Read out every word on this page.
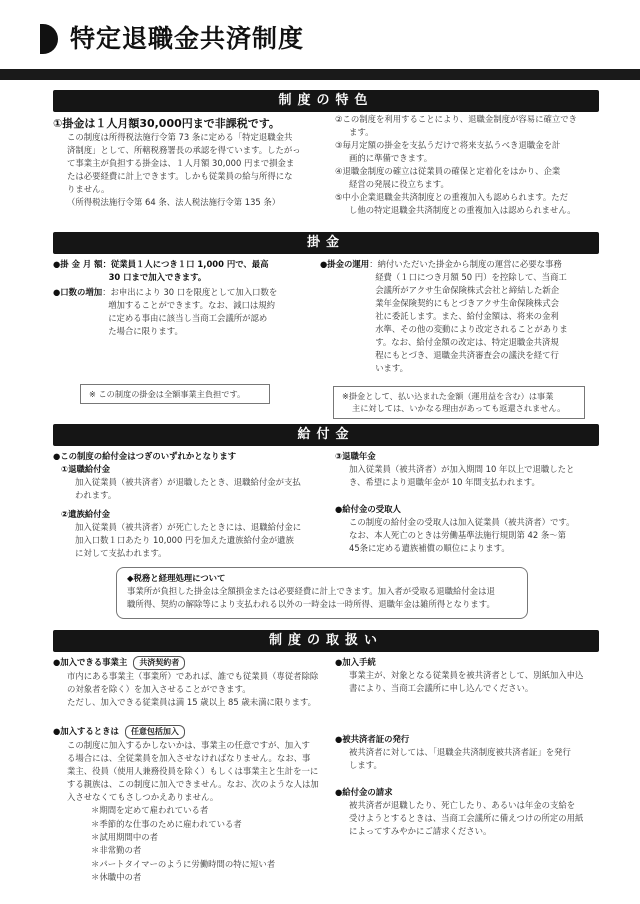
特定退職金共済制度
制度の特色
①掛金は１人月額30,000円まで非課税です。
この制度は所得税法施行令第 73 条に定める「特定退職金共
済制度」として、所轄税務署長の承認を得ています。したがっ
て事業主が負担する掛金は、１人月額 30,000 円まで損金ま
たは必要経費に計上できます。しかも従業員の給与所得にな
りません。
（所得税法施行令第 64 条、法人税法施行令第 135 条）
②この制度を利用することにより、退職金制度が容易に確立でき
ます。
③毎月定額の掛金を支払うだけで将来支払うべき退職金を計
画的に準備できます。
④退職金制度の確立は従業員の確保と定着化をはかり、企業
経営の発展に役立ちます。
⑤中小企業退職金共済制度との重複加入も認められます。ただ
し他の特定退職金共済制度との重複加入は認められません。
掛金
●掛 金 月 額 ：従業員１人につき１口 1,000 円で、最高
30 口まで加入できます。
●口数の増加 ：お申出により 30 口を限度として加入口数を
増加することができます。なお、減口は規約
に定める事由に該当し当商工会議所が認め
た場合に限ります。
●掛金の運用 ：納付いただいた掛金から制度の運営に必要な事務
経費（１口につき月額 50 円）を控除して、当商工
会議所がアクサ生命保険株式会社と締結した新企
業年金保険契約にもとづきアクサ生命保険株式会
社に委託します。また、給付金額は、将来の金利
水準、その他の変動により改定されることがありま
す。なお、給付金額の改定は、特定退職金共済規
程にもとづき、退職金共済審査会の議決を経て行
います。
※ この制度の掛金は全額事業主負担です。	※掛金として、払い込まれた金額（運用益を含む）は事業
主に対しては、いかなる理由があっても返還されません。
給付金
●この制度の給付金はつぎのいずれかとなります
①退職給付金
加入従業員（被共済者）が退職したとき、退職給付金が支払
われます。
②遺族給付金
加入従業員（被共済者）が死亡したときには、退職給付金に
加入口数１口あたり 10,000 円を加えた遺族給付金が遺族
に対して支払われます。
③退職年金
加入従業員（被共済者）が加入期間 10 年以上で退職したと
き、希望により退職年金が 10 年間支払われます。
●給付金の受取人
この制度の給付金の受取人は加入従業員（被共済者）です。
なお、本人死亡のときは労働基準法施行規則第 42 条〜第
45条に定める遺族補償の順位によります。
◆税務と経理処理について
事業所が負担した掛金は全額損金または必要経費に計上できます。加入者が受取る退職給付金は退
職所得、契約の解除等により支払われる以外の一時金は一時所得、退職年金は雑所得となります。
制度の取扱い
●加入できる事業主 共済契約者
市内にある事業主（事業所）であれば、誰でも従業員（専従者除除
の対象者を除く）を加入させることができます。
ただし、加入できる従業員は満 15 歳以上 85 歳未満に限ります。
●加入するときは 任意包括加入
この制度に加入するかしないかは、事業主の任意ですが、加入す
る場合には、全従業員を加入させなければなりません。なお、事
業主、役員（使用人兼務役員を除く）もしくは事業主と生計を一に
する親族は、この制度に加入できません。なお、次のような人は加
入させなくてもさしつかえありません。
＊期間を定めて雇われている者
＊季節的な仕事のために雇われている者
＊試用期間中の者
＊非常勤の者
＊パートタイマーのように労働時間の特に短い者
＊休職中の者
●加入手続
事業主が、対象となる従業員を被共済者として、別紙加入申込
書により、当商工会議所に申し込んでください。
●被共済者証の発行
被共済者に対しては、「退職金共済制度被共済者証」を発行
します。
●給付金の請求
被共済者が退職したり、死亡したり、あるいは年金の支給を
受けようとするときは、当商工会議所に備えつけの所定の用紙
によってすみやかにご請求ください。
